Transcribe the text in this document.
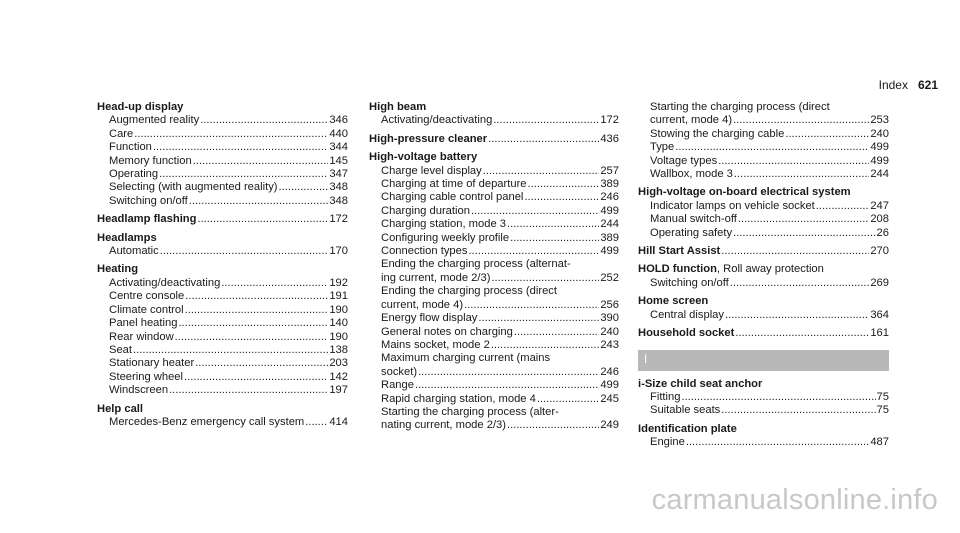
Index 621
Head-up display
Augmented reality .....	346
Care .....	440
Function .....	344
Memory function .....	145
Operating .....	347
Selecting (with augmented reality) .....	348
Switching on/off .....	348
Headlamp flashing .....	172
Headlamps
Automatic .....	170
Heating
Activating/deactivating .....	192
Centre console .....	191
Climate control .....	190
Panel heating .....	140
Rear window .....	190
Seat .....	138
Stationary heater .....	203
Steering wheel .....	142
Windscreen .....	197
Help call
Mercedes-Benz emergency call system ..... 414
High beam
Activating/deactivating .....	172
High-pressure cleaner .....	436
High-voltage battery
Charge level display .....	257
Charging at time of departure .....	389
Charging cable control panel .....	246
Charging duration .....	499
Charging station, mode 3 .....	244
Configuring weekly profile .....	389
Connection types .....	499
Ending the charging process (alternat-
ing current, mode 2/3) .....	252
Ending the charging process (direct
current, mode 4) .....	256
Energy flow display .....	390
General notes on charging .....	240
Mains socket, mode 2 .....	243
Maximum charging current (mains
socket) .....	246
Range .....	499
Rapid charging station, mode 4 .....	245
Starting the charging process (alter-
nating current, mode 2/3) .....	249
Starting the charging process (direct
current, mode 4) .....	253
Stowing the charging cable .....	240
Type .....	499
Voltage types .....	499
Wallbox, mode 3 .....	244
High-voltage on-board electrical system
Indicator lamps on vehicle socket .....	247
Manual switch-off .....	208
Operating safety .....	26
Hill Start Assist .....	270
HOLD function, Roll away protection
Switching on/off .....	269
Home screen
Central display .....	364
Household socket .....	161
I
i-Size child seat anchor
Fitting .....	75
Suitable seats .....	75
Identification plate
Engine .....	487
carmanualsonline.info
